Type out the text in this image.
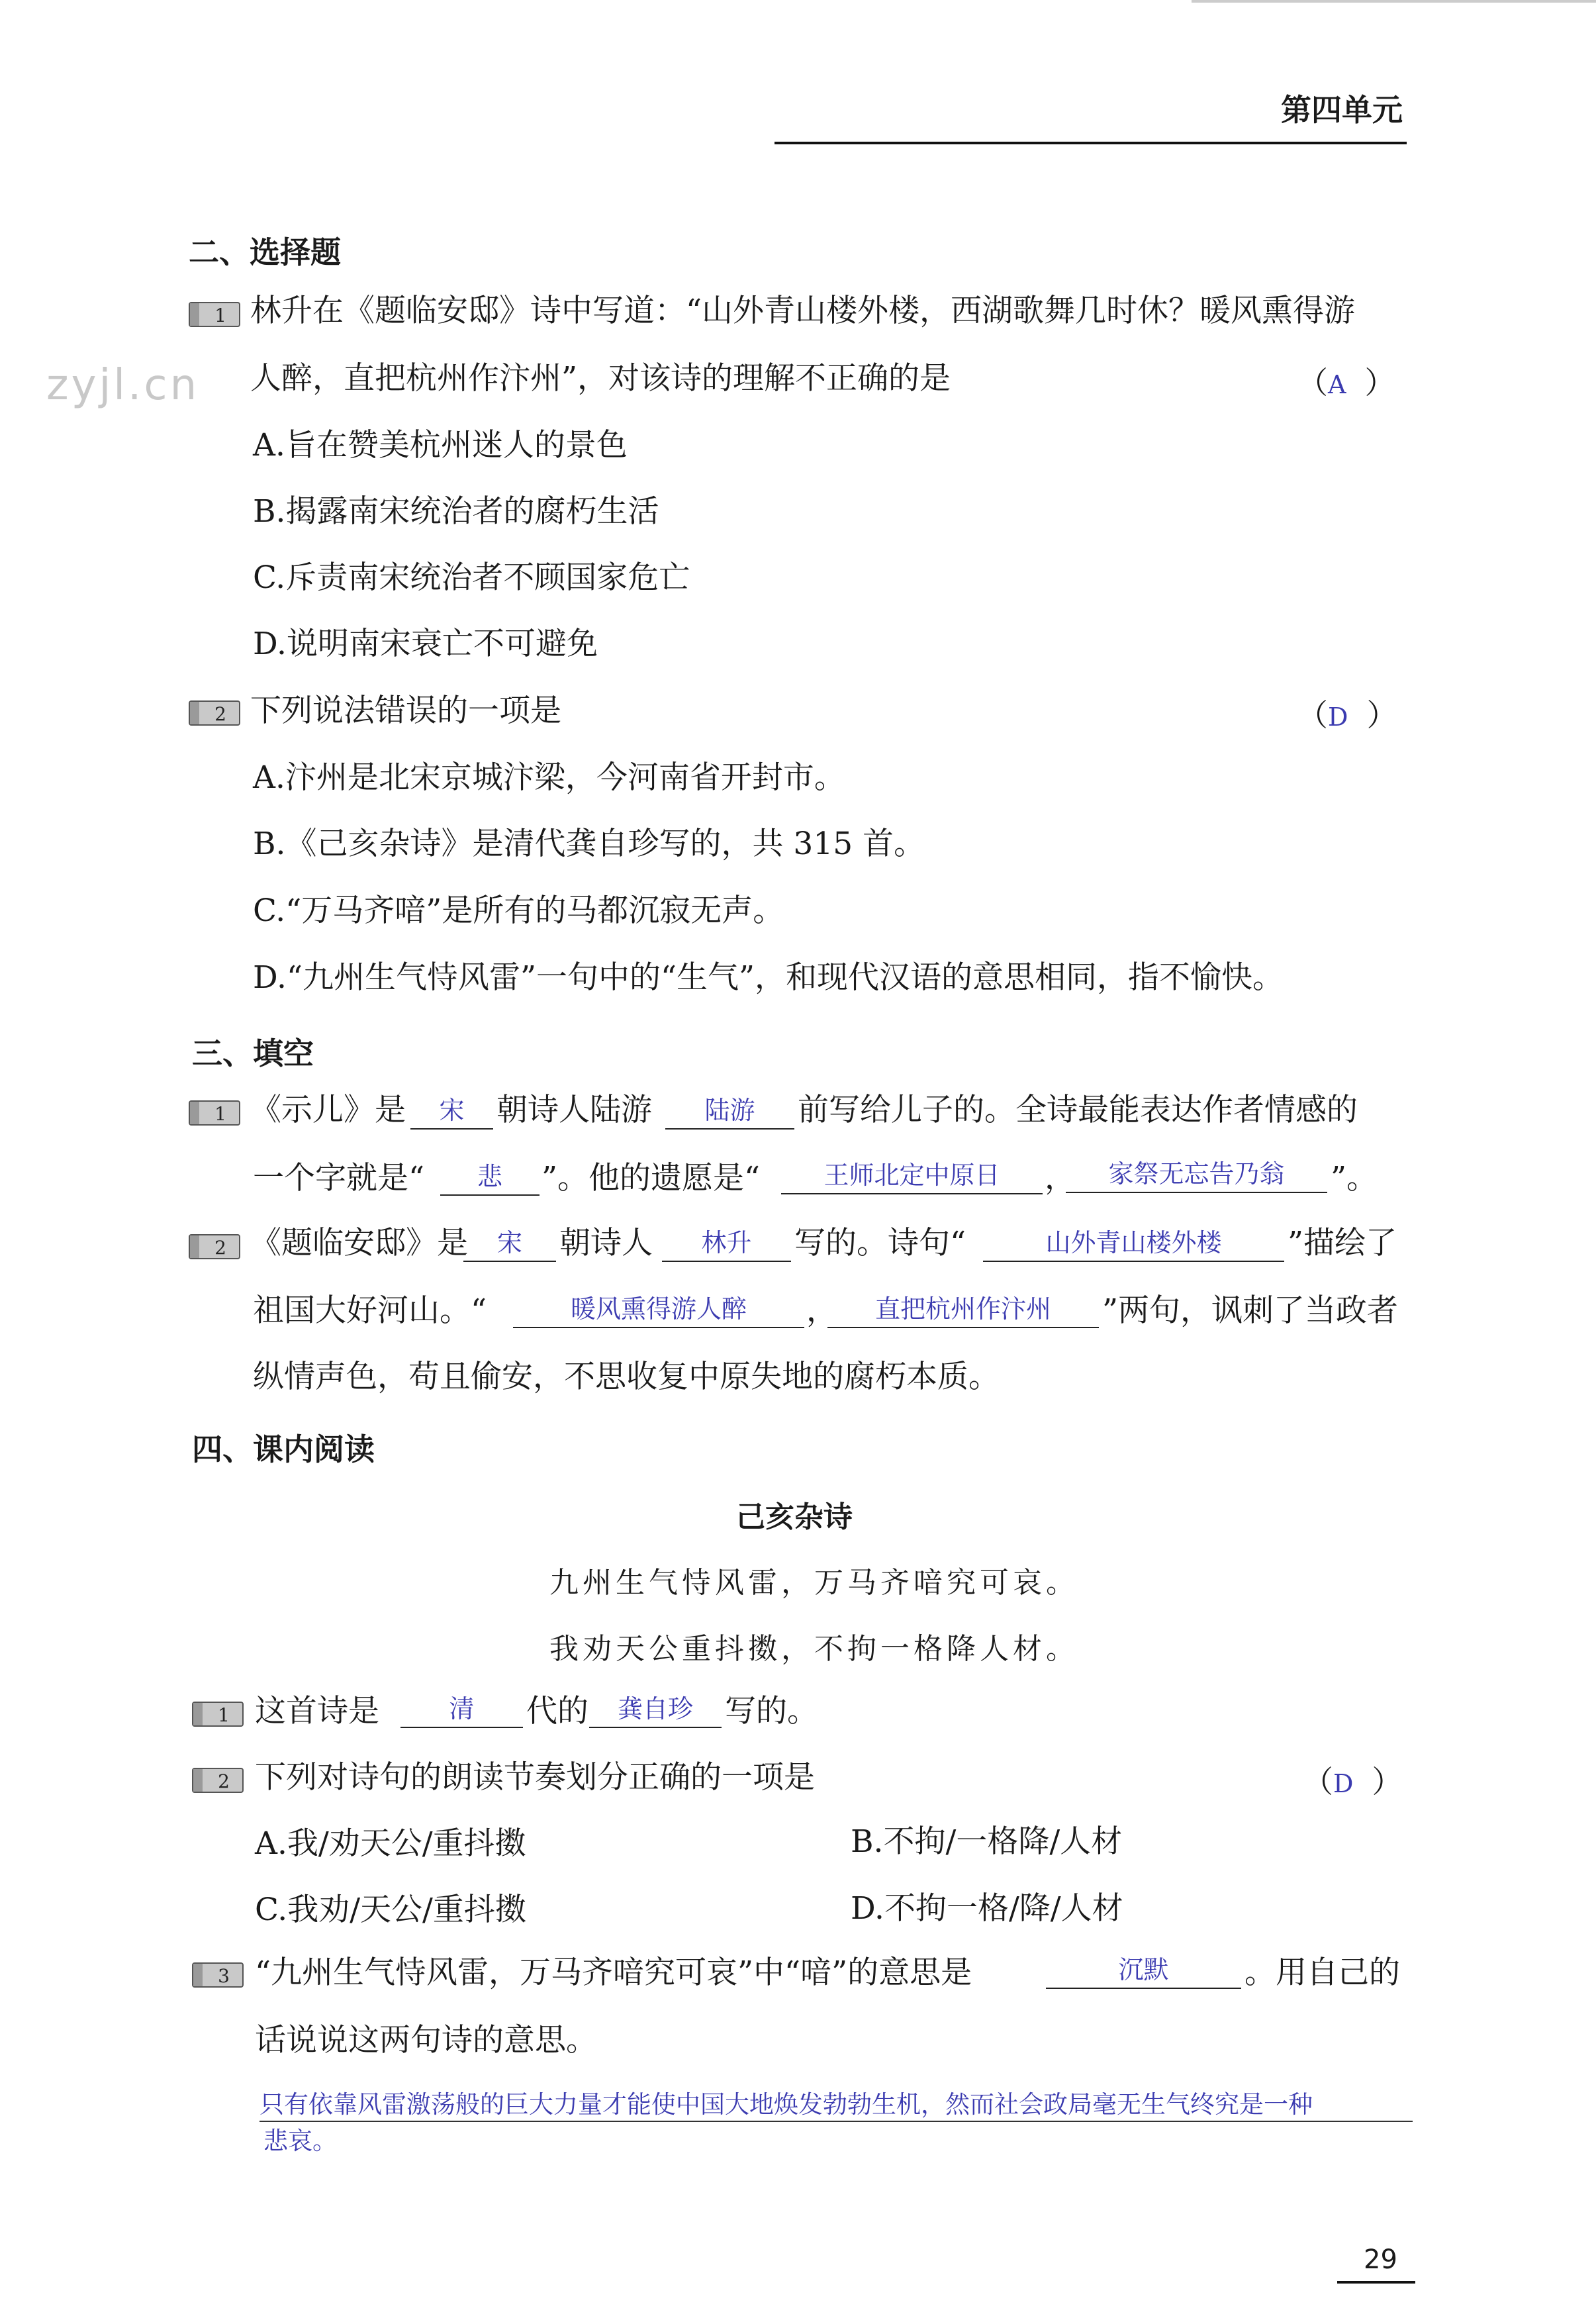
zyjl.cn
第四单元
二、选择题
1 林升在《题临安邸》诗中写道：“山外青山楼外楼，西湖歌舞几时休？暖风熏得游
人醉，直把杭州作汴州”，对该诗的理解不正确的是	（A ）
A.旨在赞美杭州迷人的景色
B.揭露南宋统治者的腐朽生活
C.斥责南宋统治者不顾国家危亡
D.说明南宋衰亡不可避免
2 下列说法错误的一项是	（D ）
A.汴州是北宋京城汴梁，今河南省开封市。
B.《己亥杂诗》是清代龚自珍写的，共 315 首。
C.“万马齐喑”是所有的马都沉寂无声。
D.“九州生气恃风雷”一句中的“生气”，和现代汉语的意思相同，指不愉快。
三、填空
1 《示儿》是	宋	朝诗人陆游	陆游	前写给儿子的。全诗最能表达作者情感的
一个字就是“	悲	”。他的遗愿是“	王师北定中原日	，	家祭无忘告乃翁	”。
2 《题临安邸》是	宋	朝诗人	林升	写的。诗句“	山外青山楼外楼	”描绘了
祖国大好河山。“	暖风熏得游人醉	，	直把杭州作汴州	”两句，讽刺了当政者
纵情声色，苟且偷安，不思收复中原失地的腐朽本质。
四、课内阅读
己亥杂诗
九州生气恃风雷，万马齐喑究可哀。
我劝天公重抖擞，不拘一格降人材。
1 这首诗是	清	代的	龚自珍	写的。
2 下列对诗句的朗读节奏划分正确的一项是	（D ）
A.我/劝天公/重抖擞	B.不拘/一格降/人材
C.我劝/天公/重抖擞	D.不拘一格/降/人材
3 “九州生气恃风雷，万马齐喑究可哀”中“喑”的意思是	沉默	。用自己的
话说说这两句诗的意思。
只有依靠风雷激荡般的巨大力量才能使中国大地焕发勃勃生机，然而社会政局毫无生气终究是一种
悲哀。
29
